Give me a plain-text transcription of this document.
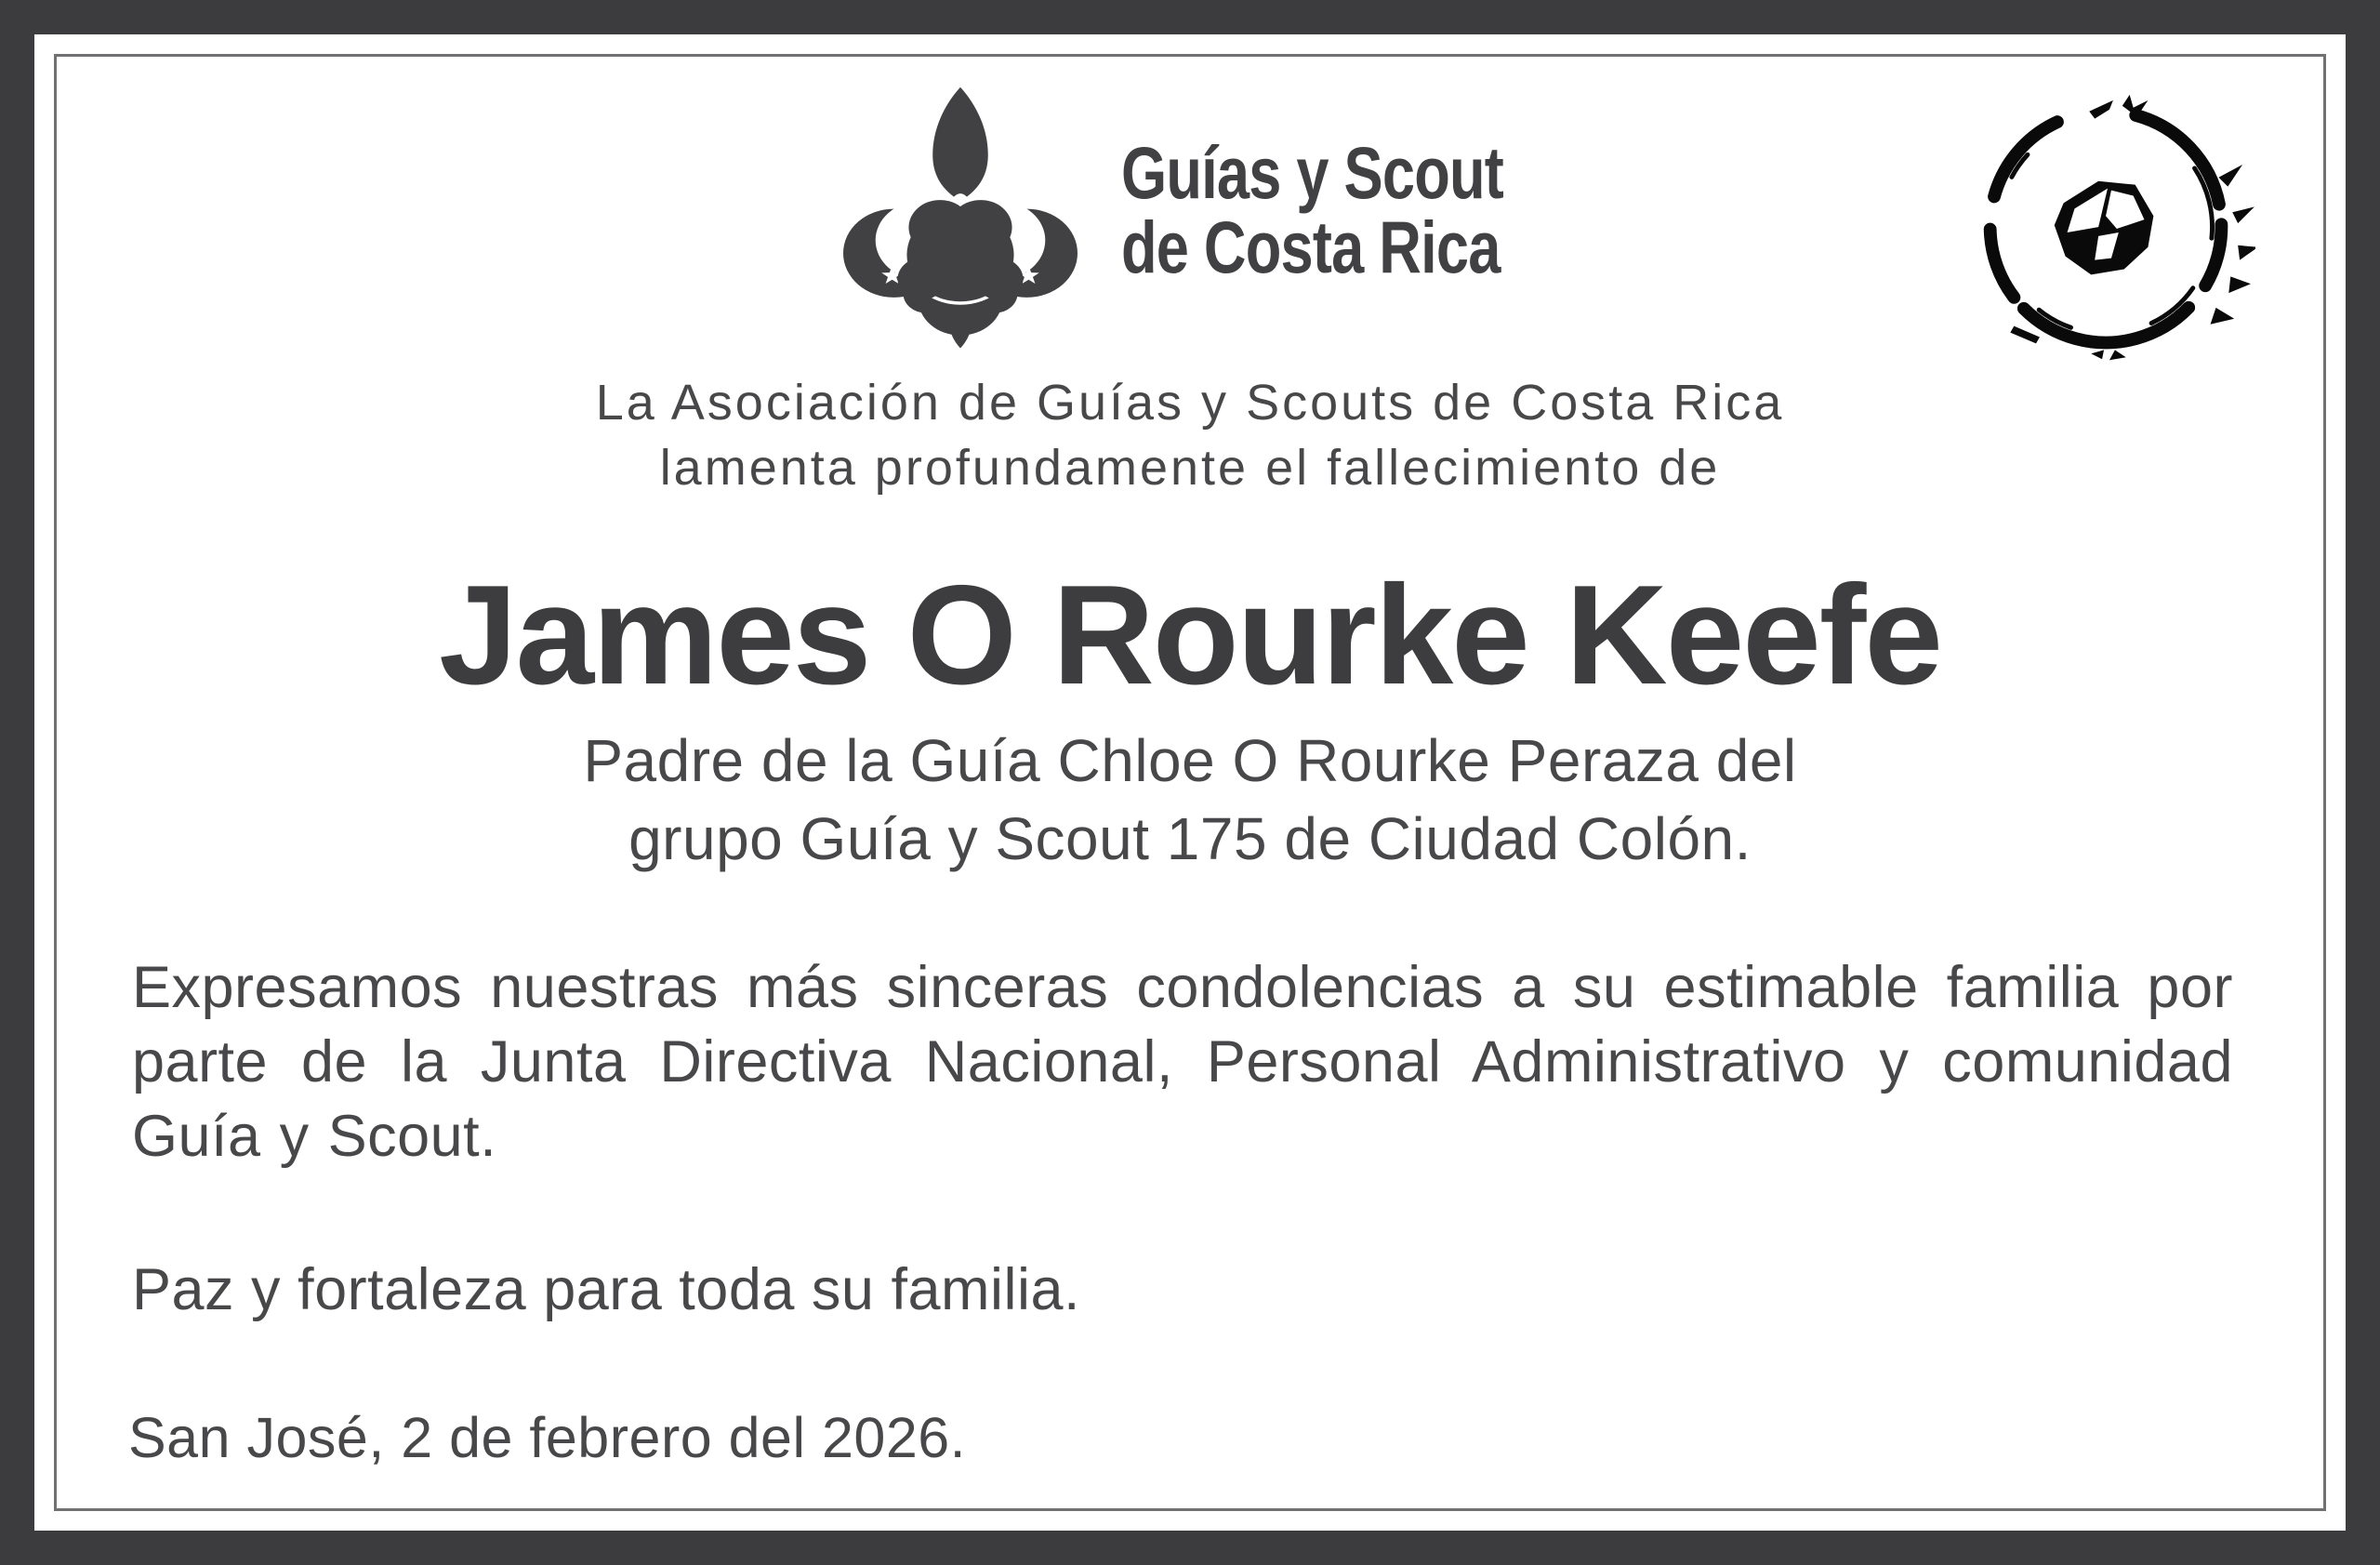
Guías y Scout
de Costa Rica
La Asociación de Guías y Scouts de Costa Rica
lamenta profundamente el fallecimiento de
James O Rourke Keefe
Padre de la Guía Chloe O Rourke Peraza del
grupo Guía y Scout 175 de Ciudad Colón.
Expresamos nuestras más sinceras condolencias a su estimable familia por parte de la Junta Directiva Nacional, Personal Administrativo y comunidad Guía y Scout.
Paz y fortaleza para toda su familia.
San José, 2 de febrero del 2026.
